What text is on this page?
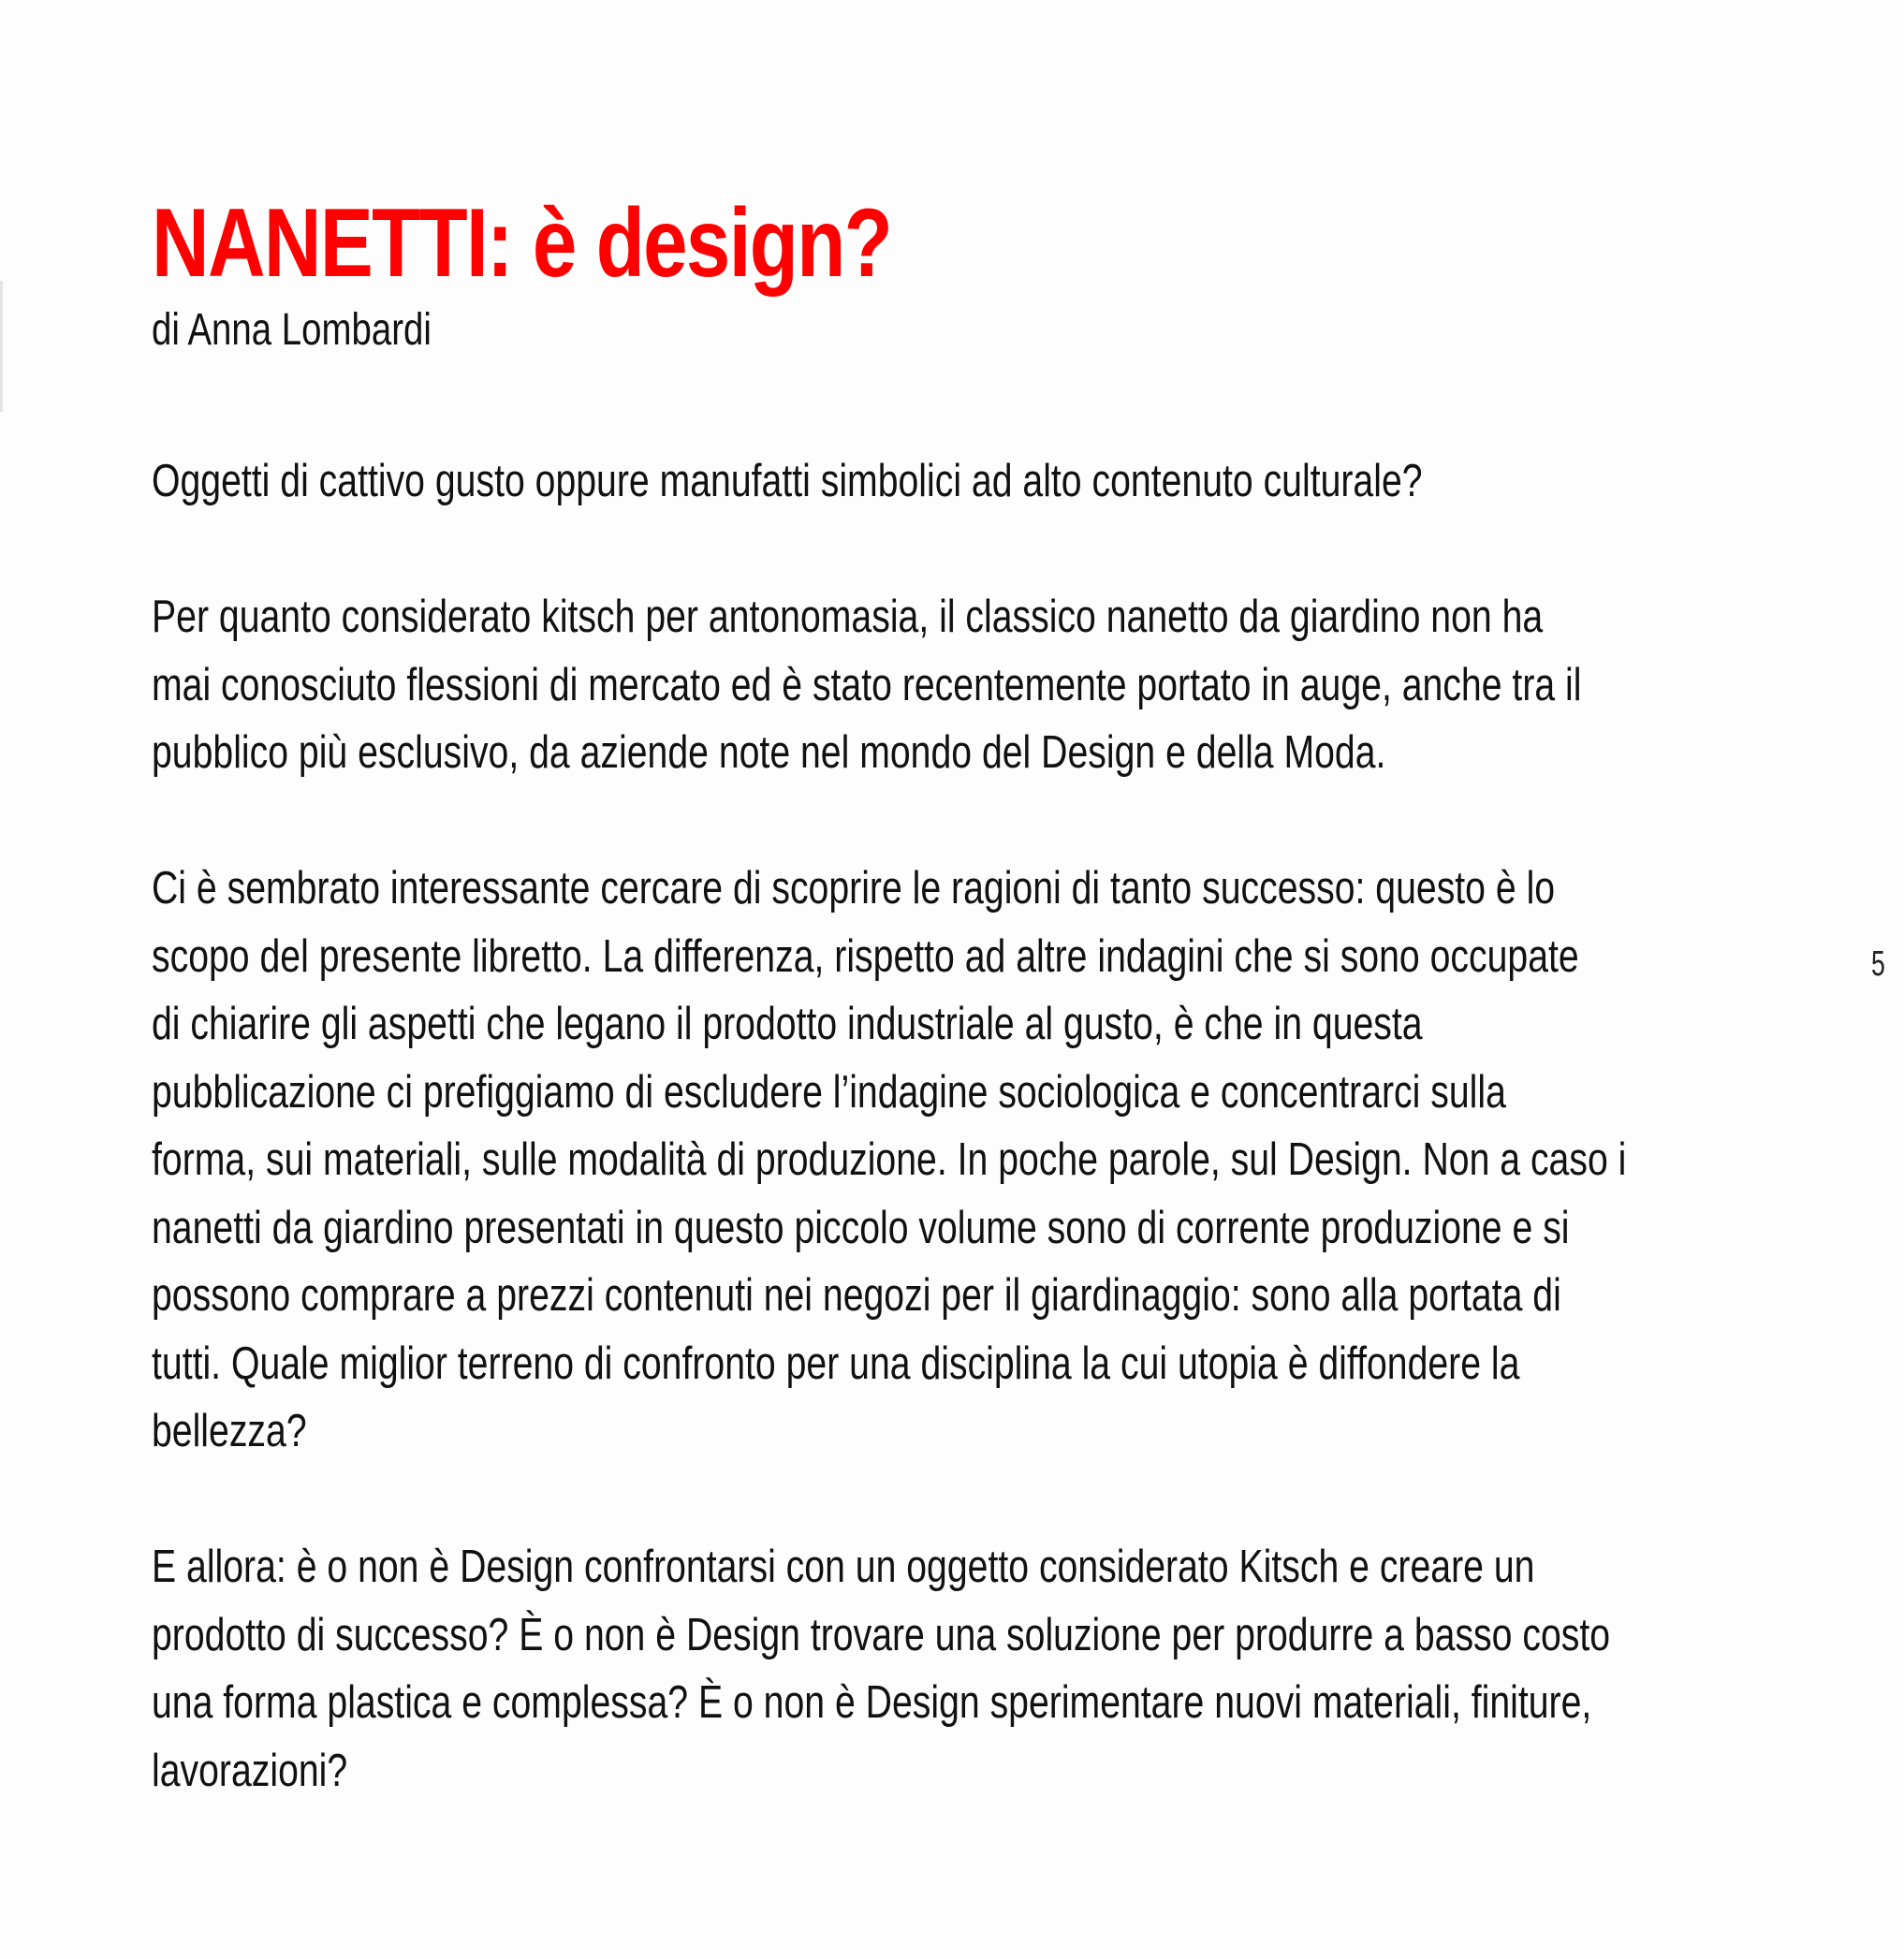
NANETTI: è design?

di Anna Lombardi

Oggetti di cattivo gusto oppure manufatti simbolici ad alto contenuto culturale?

Per quanto considerato kitsch per antonomasia, il classico nanetto da giardino non ha
mai conosciuto flessioni di mercato ed è stato recentemente portato in auge, anche tra il
pubblico più esclusivo, da aziende note nel mondo del Design e della Moda.

Ci è sembrato interessante cercare di scoprire le ragioni di tanto successo: questo è lo
scopo del presente libretto. La differenza, rispetto ad altre indagini che si sono occupate
di chiarire gli aspetti che legano il prodotto industriale al gusto, è che in questa
pubblicazione ci prefiggiamo di escludere l’indagine sociologica e concentrarci sulla
forma, sui materiali, sulle modalità di produzione. In poche parole, sul Design. Non a caso i
nanetti da giardino presentati in questo piccolo volume sono di corrente produzione e si
possono comprare a prezzi contenuti nei negozi per il giardinaggio: sono alla portata di
tutti. Quale miglior terreno di confronto per una disciplina la cui utopia è diffondere la
bellezza?

E allora: è o non è Design confrontarsi con un oggetto considerato Kitsch e creare un
prodotto di successo? È o non è Design trovare una soluzione per produrre a basso costo
una forma plastica e complessa? È o non è Design sperimentare nuovi materiali, finiture,
lavorazioni?

5
